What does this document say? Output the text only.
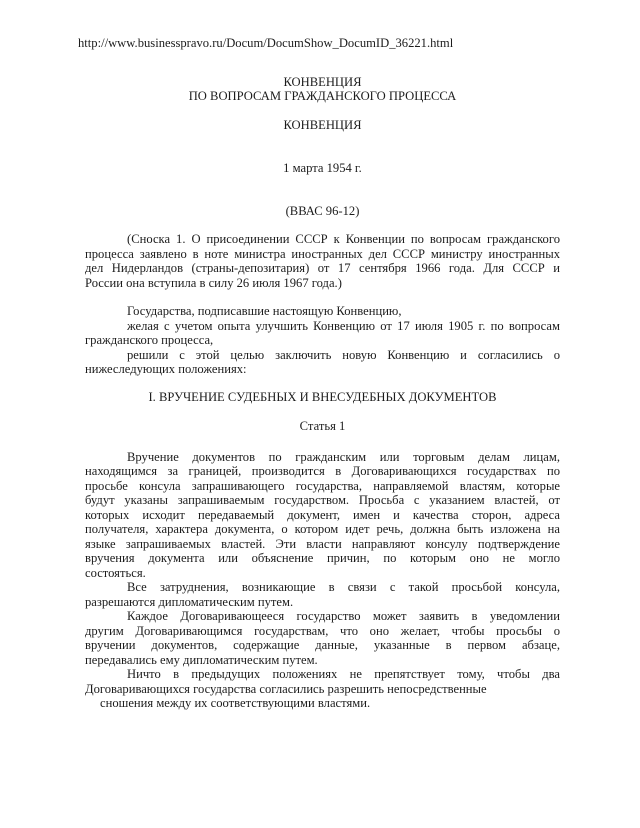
http://www.businesspravo.ru/Docum/DocumShow_DocumID_36221.html
КОНВЕНЦИЯ
ПО ВОПРОСАМ ГРАЖДАНСКОГО ПРОЦЕССА
КОНВЕНЦИЯ
1 марта 1954 г.
(ВВАС 96-12)
(Сноска 1. О присоединении СССР к Конвенции по вопросам гражданского
процесса заявлено в ноте министра иностранных дел СССР министру иностранных
дел Нидерландов (страны-депозитария) от 17 сентября 1966 года. Для СССР и
России она вступила в силу 26 июля 1967 года.)
Государства, подписавшие настоящую Конвенцию,
желая с учетом опыта улучшить Конвенцию от 17 июля 1905 г. по вопросам
гражданского процесса,
решили с этой целью заключить новую Конвенцию и согласились о
нижеследующих положениях:
I. ВРУЧЕНИЕ СУДЕБНЫХ И ВНЕСУДЕБНЫХ ДОКУМЕНТОВ
Статья 1
Вручение документов по гражданским или торговым делам лицам,
находящимся за границей, производится в Договаривающихся государствах по
просьбе консула запрашивающего государства, направляемой властям, которые
будут указаны запрашиваемым государством. Просьба с указанием властей, от
которых исходит передаваемый документ, имен и качества сторон, адреса
получателя, характера документа, о котором идет речь, должна быть изложена на
языке запрашиваемых властей. Эти власти направляют консулу подтверждение
вручения документа или объяснение причин, по которым оно не могло
состояться.
Все затруднения, возникающие в связи с такой просьбой консула,
разрешаются дипломатическим путем.
Каждое Договаривающееся государство может заявить в уведомлении
другим Договаривающимся государствам, что оно желает, чтобы просьбы о
вручении документов, содержащие данные, указанные в первом абзаце,
передавались ему дипломатическим путем.
Ничто в предыдущих положениях не препятствует тому, чтобы два
Договаривающихся государства согласились разрешить непосредственные
сношения между их соответствующими властями.
